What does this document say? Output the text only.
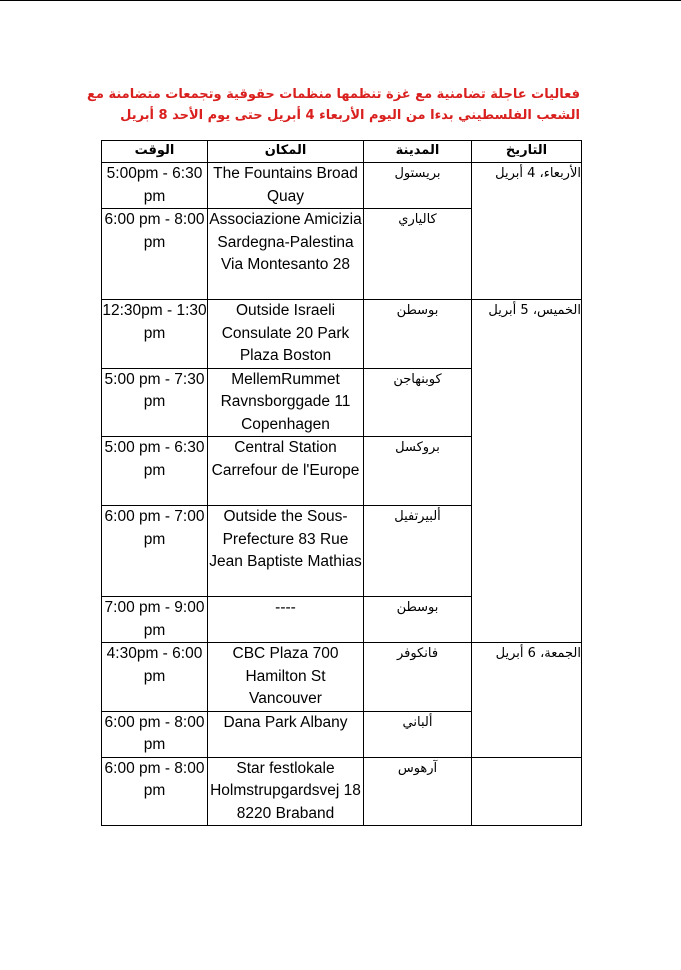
فعاليات عاجلة تضامنية مع غزة تنظمها منظمات حقوقية وتجمعات متضامنة مع
الشعب الفلسطيني بدءا من اليوم الأربعاء 4 أبريل حتى يوم الأحد 8 أبريل
الوقت	المكان	المدينة	التاريخ
5:00pm - 6:30 pm	The Fountains Broad Quay	بريستول	الأربعاء، 4 أبريل
6:00 pm - 8:00 pm	Associazione Amicizia Sardegna-Palestina Via Montesanto 28	كالياري	
12:30pm - 1:30 pm	Outside Israeli Consulate 20 Park Plaza Boston	بوسطن	الخميس، 5 أبريل
5:00 pm - 7:30 pm	MellemRummet Ravnsborggade 11 Copenhagen	كوبنهاجن	
5:00 pm - 6:30 pm	Central Station Carrefour de l'Europe	بروكسل	
6:00 pm - 7:00 pm	Outside the Sous-Prefecture 83 Rue Jean Baptiste Mathias	ألبيرتفيل	
7:00 pm - 9:00 pm	----	بوسطن	
4:30pm - 6:00 pm	CBC Plaza 700 Hamilton St Vancouver	فانكوفر	الجمعة، 6 أبريل
6:00 pm - 8:00 pm	Dana Park Albany	ألباني	
6:00 pm - 8:00 pm	Star festlokale Holmstrupgardsvej 18 8220 Braband	آرهوس	
